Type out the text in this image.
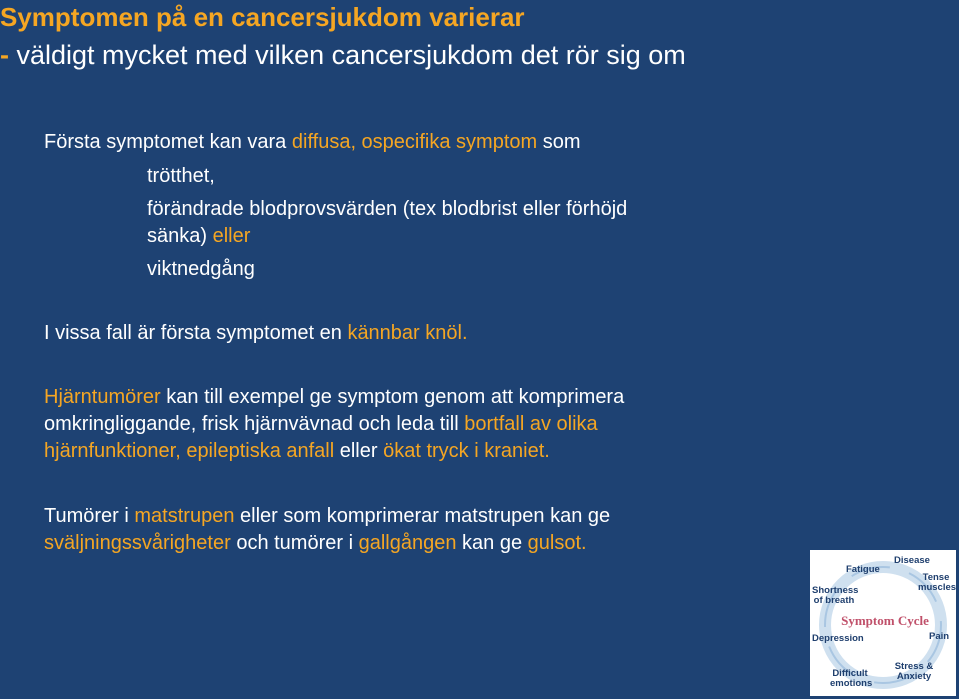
Symptomen på en cancersjukdom varierar
- väldigt mycket med vilken cancersjukdom det rör sig om
Första symptomet kan vara diffusa, ospecifika symptom som
trötthet,
förändrade blodprovsvärden (tex blodbrist eller förhöjd
sänka) eller
viktnedgång
I vissa fall är första symptomet en kännbar knöl.
Hjärntumörer kan till exempel ge symptom genom att komprimera
omkringliggande, frisk hjärnvävnad och leda till bortfall av olika
hjärnfunktioner, epileptiska anfall eller ökat tryck i kraniet.
Tumörer i matstrupen eller som komprimerar matstrupen kan ge
sväljningssvårigheter och tumörer i gallgången kan ge gulsot.
Fatigue
Disease
Tense muscles
Shortness of breath
Symptom Cycle
Depression	Pain
Difficult emotions
Stress & Anxiety
